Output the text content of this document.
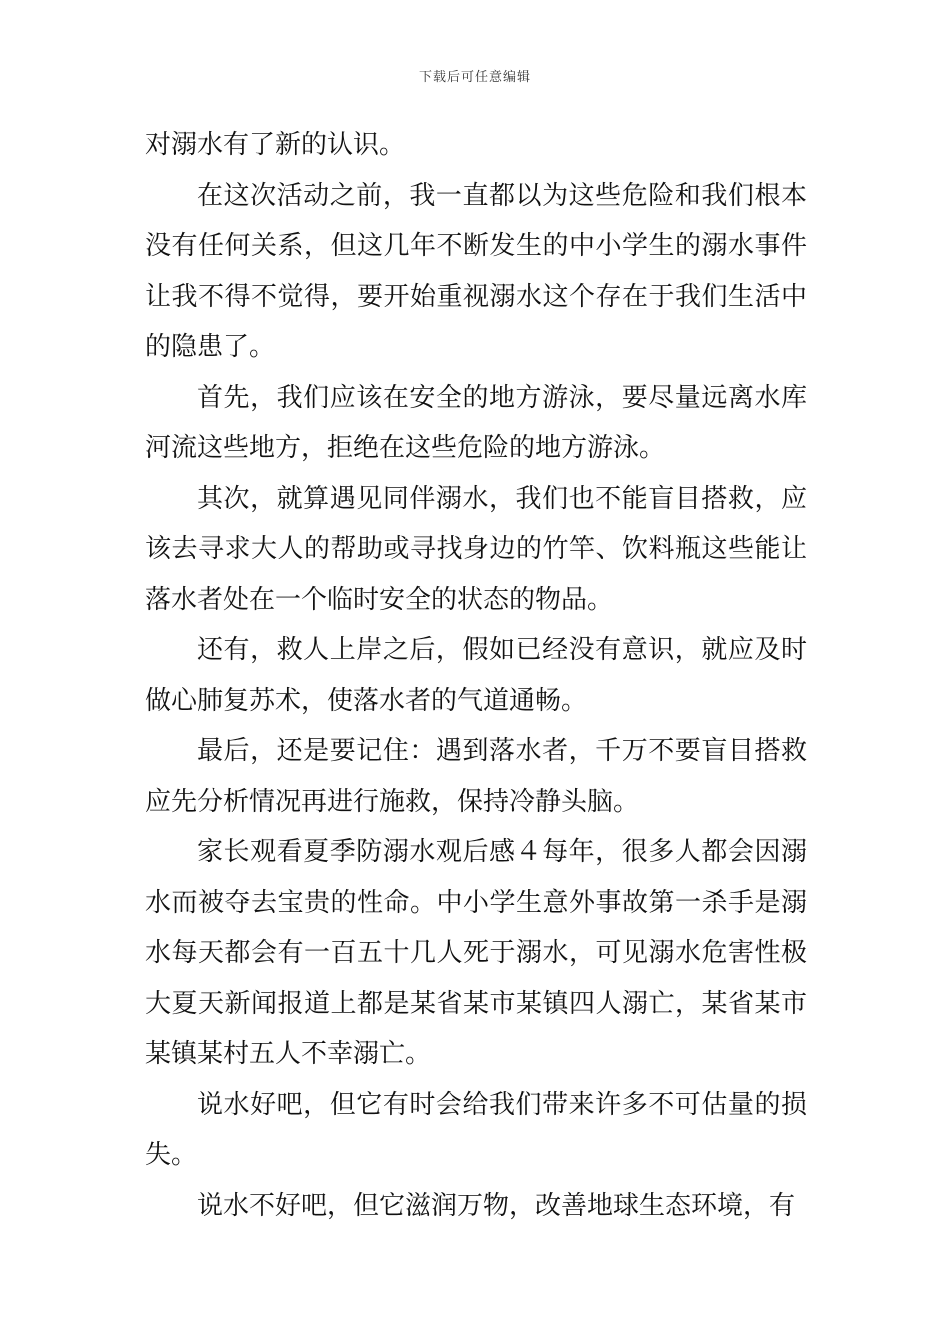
下载后可任意编辑

对溺水有了新的认识。

在这次活动之前，我一直都以为这些危险和我们根本没有任何关系，但这几年不断发生的中小学生的溺水事件让我不得不觉得，要开始重视溺水这个存在于我们生活中的隐患了。

首先，我们应该在安全的地方游泳，要尽量远离水库河流这些地方，拒绝在这些危险的地方游泳。

其次，就算遇见同伴溺水，我们也不能盲目搭救，应该去寻求大人的帮助或寻找身边的竹竿、饮料瓶这些能让落水者处在一个临时安全的状态的物品。

还有，救人上岸之后，假如已经没有意识，就应及时做心肺复苏术，使落水者的气道通畅。

最后，还是要记住：遇到落水者，千万不要盲目搭救应先分析情况再进行施救，保持冷静头脑。

家长观看夏季防溺水观后感４每年，很多人都会因溺水而被夺去宝贵的性命。中小学生意外事故第一杀手是溺水每天都会有一百五十几人死于溺水，可见溺水危害性极大夏天新闻报道上都是某省某市某镇四人溺亡，某省某市某镇某村五人不幸溺亡。

说水好吧，但它有时会给我们带来许多不可估量的损失。

说水不好吧，但它滋润万物，改善地球生态环境，有
